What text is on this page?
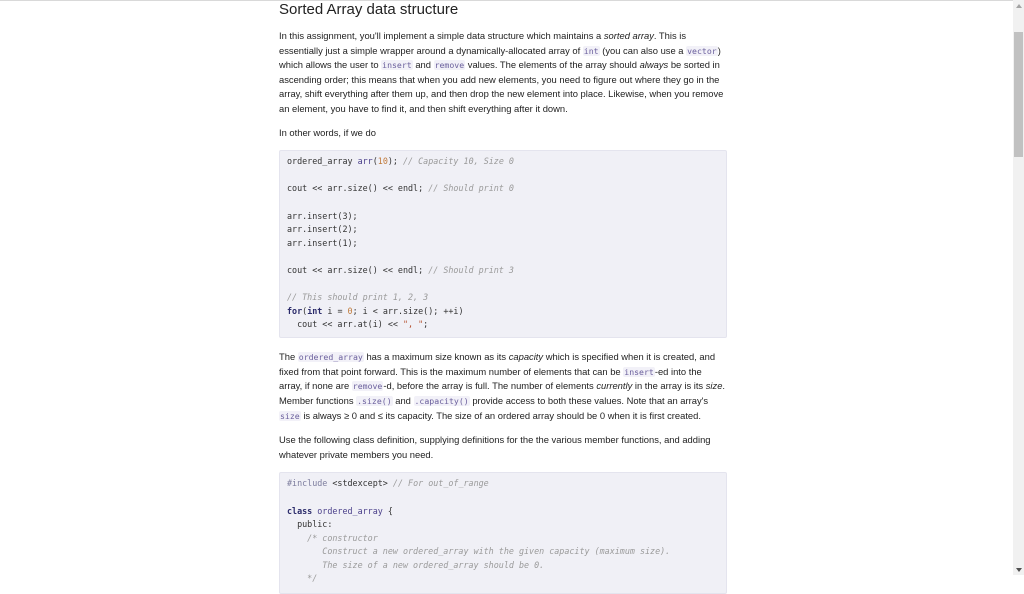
Sorted Array data structure

In this assignment, you'll implement a simple data structure which maintains a sorted array. This is essentially just a simple wrapper around a dynamically-allocated array of int (you can also use a vector) which allows the user to insert and remove values. The elements of the array should always be sorted in ascending order; this means that when you add new elements, you need to figure out where they go in the array, shift everything after them up, and then drop the new element into place. Likewise, when you remove an element, you have to find it, and then shift everything after it down.

In other words, if we do

ordered_array arr(10); // Capacity 10, Size 0
cout << arr.size() << endl; // Should print 0
arr.insert(3);
arr.insert(2);
arr.insert(1);
cout << arr.size() << endl; // Should print 3
// This should print 1, 2, 3
for(int i = 0; i < arr.size(); ++i)
cout << arr.at(i) << ", ";

The ordered_array has a maximum size known as its capacity which is specified when it is created, and fixed from that point forward. This is the maximum number of elements that can be insert-ed into the array, if none are remove-d, before the array is full. The number of elements currently in the array is its size. Member functions .size() and .capacity() provide access to both these values. Note that an array's size is always ≥ 0 and ≤ its capacity. The size of an ordered array should be 0 when it is first created.

Use the following class definition, supplying definitions for the the various member functions, and adding whatever private members you need.

#include <stdexcept> // For out_of_range
class ordered_array {
public:
/* constructor
Construct a new ordered_array with the given capacity (maximum size).
The size of a new ordered_array should be 0.
*/
